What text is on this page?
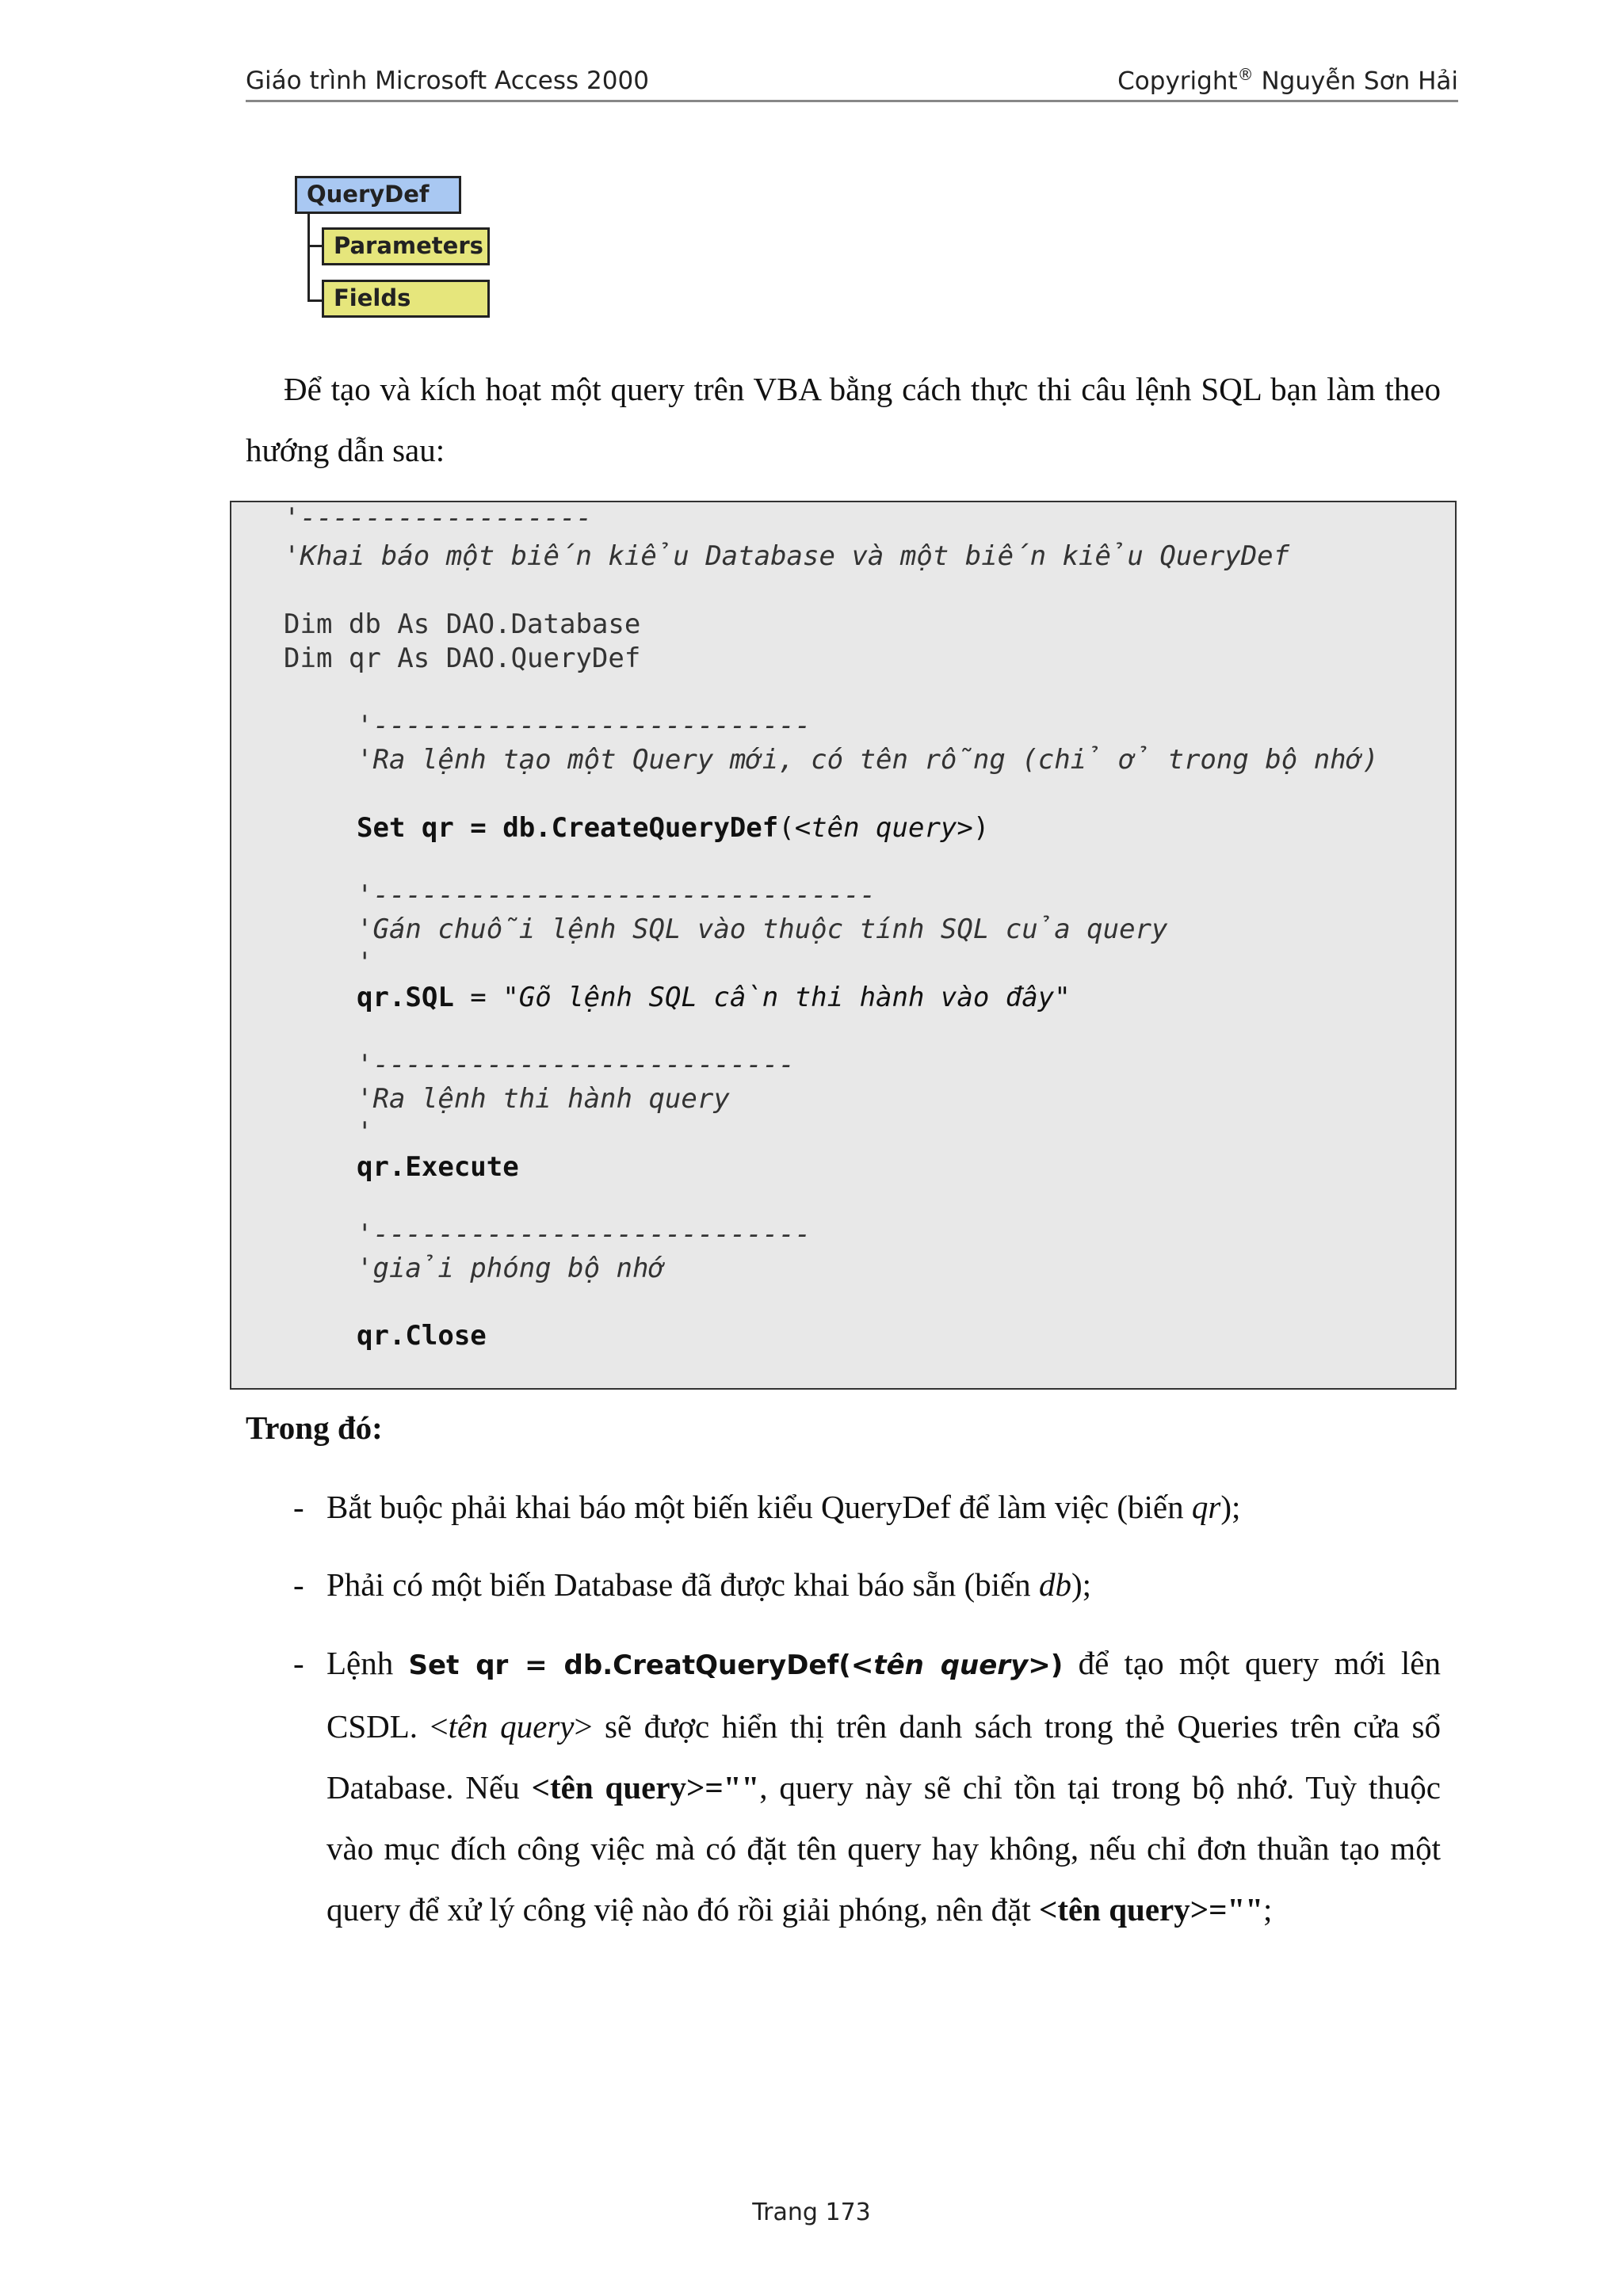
Giáo trình Microsoft Access 2000	Copyright® Nguyễn Sơn Hải
QueryDef
Parameters
Fields
Để tạo và kích hoạt một query trên VBA bằng cách thực thi câu lệnh SQL bạn làm theo hướng dẫn sau:
'------------------
'Khai báo một biến kiểu Database và một biến kiểu QueryDef
Dim db As DAO.Database
Dim qr As DAO.QueryDef
'---------------------------
'Ra lệnh tạo một Query mới, có tên rỗng (chỉ ở trong bộ nhớ)
Set qr = db.CreateQueryDef(<tên query>)
'-------------------------------
'Gán chuỗi lệnh SQL vào thuộc tính SQL của query
'
qr.SQL = "Gõ lệnh SQL cần thi hành vào đây"
'--------------------------
'Ra lệnh thi hành query
'
qr.Execute
'---------------------------
'giải phóng bộ nhớ
qr.Close
Trong đó:
- Bắt buộc phải khai báo một biến kiểu QueryDef để làm việc (biến qr);
- Phải có một biến Database đã được khai báo sẵn (biến db);
- Lệnh Set qr = db.CreatQueryDef(<tên query>) để tạo một query mới lên CSDL. <tên query> sẽ được hiển thị trên danh sách trong thẻ Queries trên cửa sổ Database. Nếu <tên query>="", query này sẽ chỉ tồn tại trong bộ nhớ. Tuỳ thuộc vào mục đích công việc mà có đặt tên query hay không, nếu chỉ đơn thuần tạo một query để xử lý công việ nào đó rồi giải phóng, nên đặt <tên query>="";
Trang 173
